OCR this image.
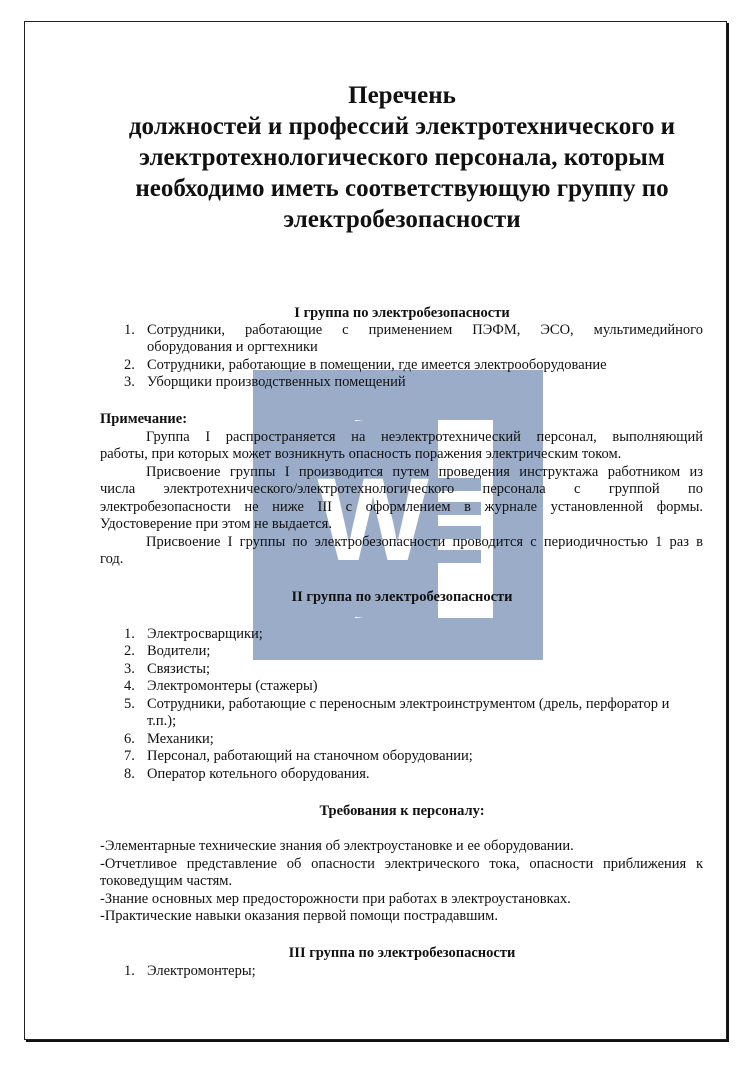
W
Перечень
должностей и профессий электротехнического и
электротехнологического персонала, которым
необходимо иметь соответствующую группу по
электробезопасности
I группа по электробезопасности
1. Сотрудники, работающие с применением ПЭФМ, ЭСО, мультимедийного
оборудования и оргтехники
2. Сотрудники, работающие в помещении, где имеется электрооборудование
3. Уборщики производственных помещений
Примечание:
Группа I распространяется на неэлектротехнический персонал, выполняющий
работы, при которых может возникнуть опасность поражения электрическим током.
Присвоение группы I производится путем проведения инструктажа работником из
числа электротехнического/электротехнологического персонала с группой по
электробезопасности не ниже III с оформлением в журнале установленной формы.
Удостоверение при этом не выдается.
Присвоение I группы по электробезопасности проводится с периодичностью 1 раз в
год.
II группа по электробезопасности
1. Электросварщики;
2. Водители;
3. Связисты;
4. Электромонтеры (стажеры)
5. Сотрудники, работающие с переносным электроинструментом (дрель, перфоратор и
т.п.);
6. Механики;
7. Персонал, работающий на станочном оборудовании;
8. Оператор котельного оборудования.
Требования к персоналу:
-Элементарные технические знания об электроустановке и ее оборудовании.
-Отчетливое представление об опасности электрического тока, опасности приближения к
токоведущим частям.
-Знание основных мер предосторожности при работах в электроустановках.
-Практические навыки оказания первой помощи пострадавшим.
III группа по электробезопасности
1. Электромонтеры;
